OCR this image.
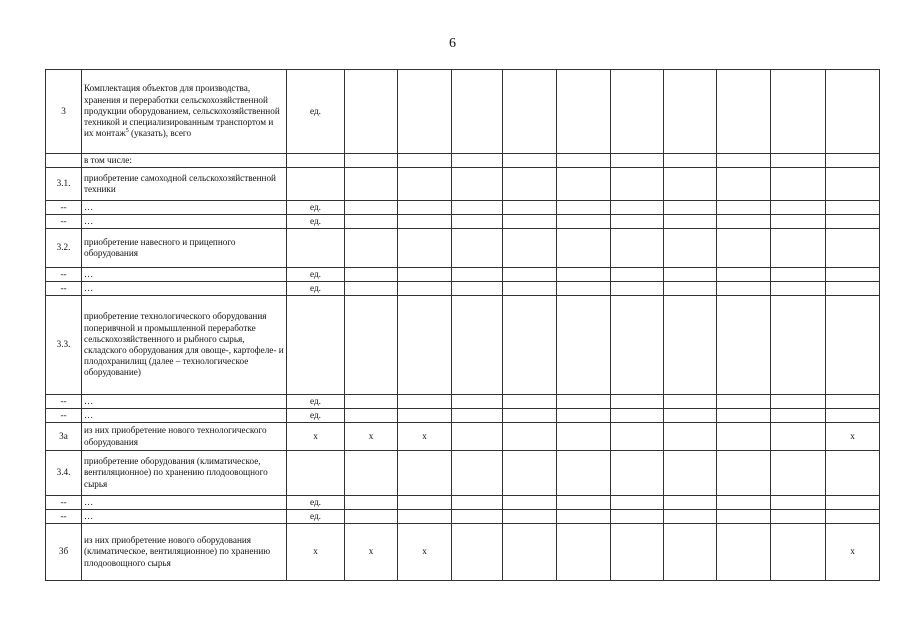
6
3	Комплектация объектов для производства, хранения и переработки сельскохозяйственной продукции оборудованием, сельскохозяйственной техникой и специализированным транспортом и их монтаж$^5$ (указать), всего	ед.										
	в том числе:											
3.1.	приобретение самоходной сельскохозяйственной техники											
--	…	ед.										
--	…	ед.										
3.2.	приобретение навесного и прицепного оборудования											
--	…	ед.										
--	…	ед.										
3.3.	приобретение технологического оборудования поперивчной и промышленной переработке сельскохозяйственного и рыбного сырья, складского оборудования для овоще-, картофеле- и плодохранилищ (далее – технологическое оборудование)											
--	…	ед.										
--	…	ед.										
3а	из них приобретение нового технологического оборудования	x	x	x								x
3.4.	приобретение оборудования (климатическое, вентиляционное) по хранению плодоовощного сырья											
--	…	ед.										
--	…	ед.										
3б	из них приобретение нового оборудования (климатическое, вентиляционное) по хранению плодоовощного сырья	x	x	x								x
